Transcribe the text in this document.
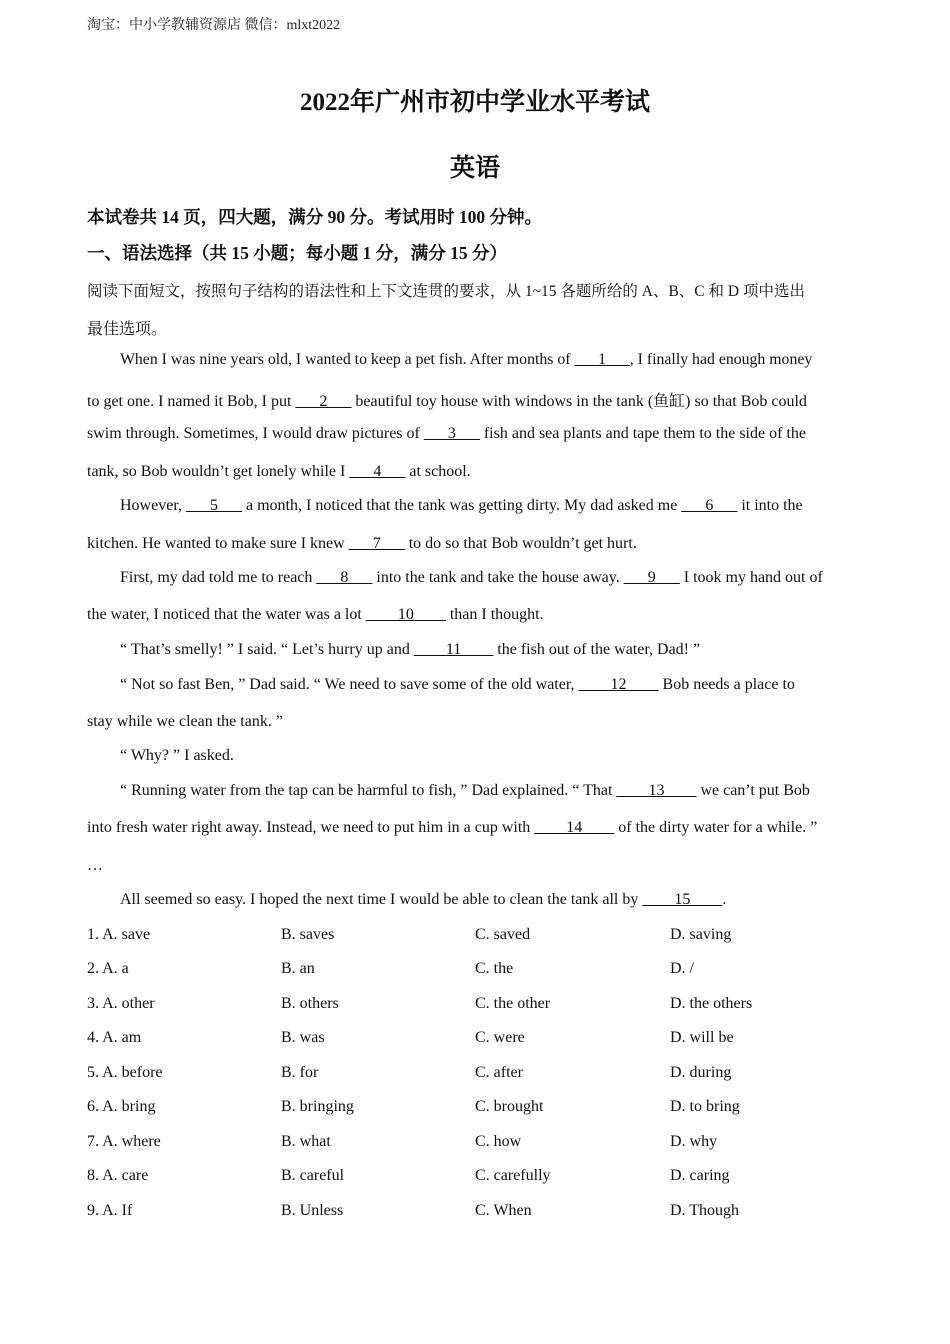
淘宝：中小学教辅资源店 微信：mlxt2022
2022年广州市初中学业水平考试
英语
本试卷共 14 页，四大题，满分 90 分。考试用时 100 分钟。
一、语法选择（共 15 小题；每小题 1 分，满分 15 分）
阅读下面短文，按照句子结构的语法性和上下文连贯的要求，从 1~15 各题所给的 A、B、C 和 D 项中选出
最佳选项。
When I was nine years old, I wanted to keep a pet fish. After months of ___1___, I finally had enough money
to get one. I named it Bob, I put ___2___ beautiful toy house with windows in the tank (鱼缸) so that Bob could
swim through. Sometimes, I would draw pictures of ___3___ fish and sea plants and tape them to the side of the
tank, so Bob wouldn’t get lonely while I ___4___ at school.
However, ___5___ a month, I noticed that the tank was getting dirty. My dad asked me ___6___ it into the
kitchen. He wanted to make sure I knew ___7___ to do so that Bob wouldn’t get hurt.
First, my dad told me to reach ___8___ into the tank and take the house away. ___9___ I took my hand out of
the water, I noticed that the water was a lot ____10____ than I thought.
“ That’s smelly! ” I said. “ Let’s hurry up and ____11____ the fish out of the water, Dad! ”
“ Not so fast Ben, ” Dad said. “ We need to save some of the old water, ____12____ Bob needs a place to
stay while we clean the tank. ”
“ Why? ” I asked.
“ Running water from the tap can be harmful to fish, ” Dad explained. “ That ____13____ we can’t put Bob
into fresh water right away. Instead, we need to put him in a cup with ____14____ of the dirty water for a while. ”
…
All seemed so easy. I hoped the next time I would be able to clean the tank all by ____15____.
1. A. save	B. saves	C. saved	D. saving
2. A. a	B. an	C. the	D. /
3. A. other	B. others	C. the other	D. the others
4. A. am	B. was	C. were	D. will be
5. A. before	B. for	C. after	D. during
6. A. bring	B. bringing	C. brought	D. to bring
7. A. where	B. what	C. how	D. why
8. A. care	B. careful	C. carefully	D. caring
9. A. If	B. Unless	C. When	D. Though
